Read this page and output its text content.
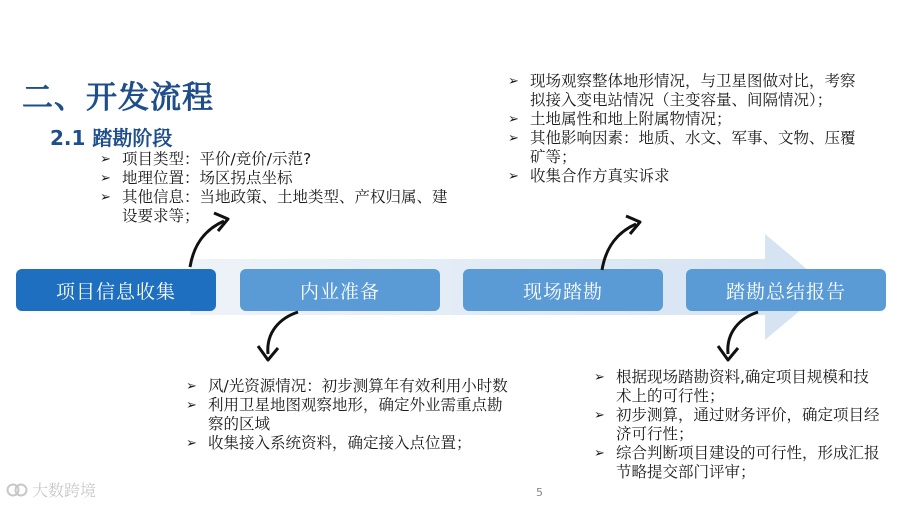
二、开发流程
2.1 踏勘阶段
➢ 项目类型：平价/竞价/示范?
➢ 地理位置：场区拐点坐标
➢ 其他信息：当地政策、土地类型、产权归属、建设要求等；
➢ 现场观察整体地形情况，与卫星图做对比，考察拟接入变电站情况（主变容量、间隔情况）；
➢ 土地属性和地上附属物情况；
➢ 其他影响因素：地质、水文、军事、文物、压覆矿等；
➢ 收集合作方真实诉求
项目信息收集	内业准备	现场踏勘	踏勘总结报告
➢ 风/光资源情况：初步测算年有效利用小时数
➢ 利用卫星地图观察地形，确定外业需重点勘察的区域
➢ 收集接入系统资料，确定接入点位置；
➢ 根据现场踏勘资料,确定项目规模和技术上的可行性；
➢ 初步测算，通过财务评价，确定项目经济可行性；
➢ 综合判断项目建设的可行性，形成汇报节略提交部门评审；
5
大数跨境
